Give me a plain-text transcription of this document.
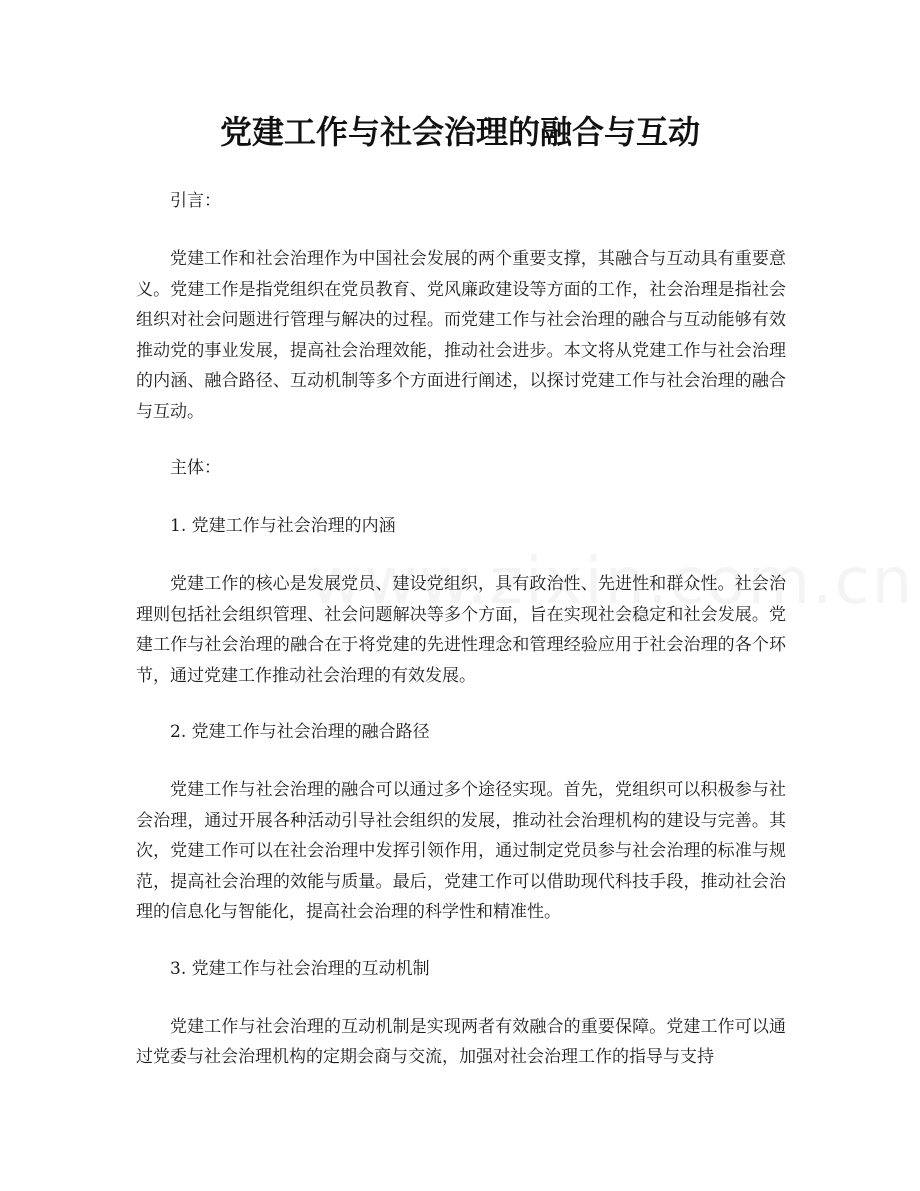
党建工作与社会治理的融合与互动

引言：

党建工作和社会治理作为中国社会发展的两个重要支撑，其融合与互动具有重要意义。党建工作是指党组织在党员教育、党风廉政建设等方面的工作，社会治理是指社会组织对社会问题进行管理与解决的过程。而党建工作与社会治理的融合与互动能够有效推动党的事业发展，提高社会治理效能，推动社会进步。本文将从党建工作与社会治理的内涵、融合路径、互动机制等多个方面进行阐述，以探讨党建工作与社会治理的融合与互动。

主体：

1. 党建工作与社会治理的内涵

党建工作的核心是发展党员、建设党组织，具有政治性、先进性和群众性。社会治理则包括社会组织管理、社会问题解决等多个方面，旨在实现社会稳定和社会发展。党建工作与社会治理的融合在于将党建的先进性理念和管理经验应用于社会治理的各个环节，通过党建工作推动社会治理的有效发展。

2. 党建工作与社会治理的融合路径

党建工作与社会治理的融合可以通过多个途径实现。首先，党组织可以积极参与社会治理，通过开展各种活动引导社会组织的发展，推动社会治理机构的建设与完善。其次，党建工作可以在社会治理中发挥引领作用，通过制定党员参与社会治理的标准与规范，提高社会治理的效能与质量。最后，党建工作可以借助现代科技手段，推动社会治理的信息化与智能化，提高社会治理的科学性和精准性。

3. 党建工作与社会治理的互动机制

党建工作与社会治理的互动机制是实现两者有效融合的重要保障。党建工作可以通过党委与社会治理机构的定期会商与交流，加强对社会治理工作的指导与支持
